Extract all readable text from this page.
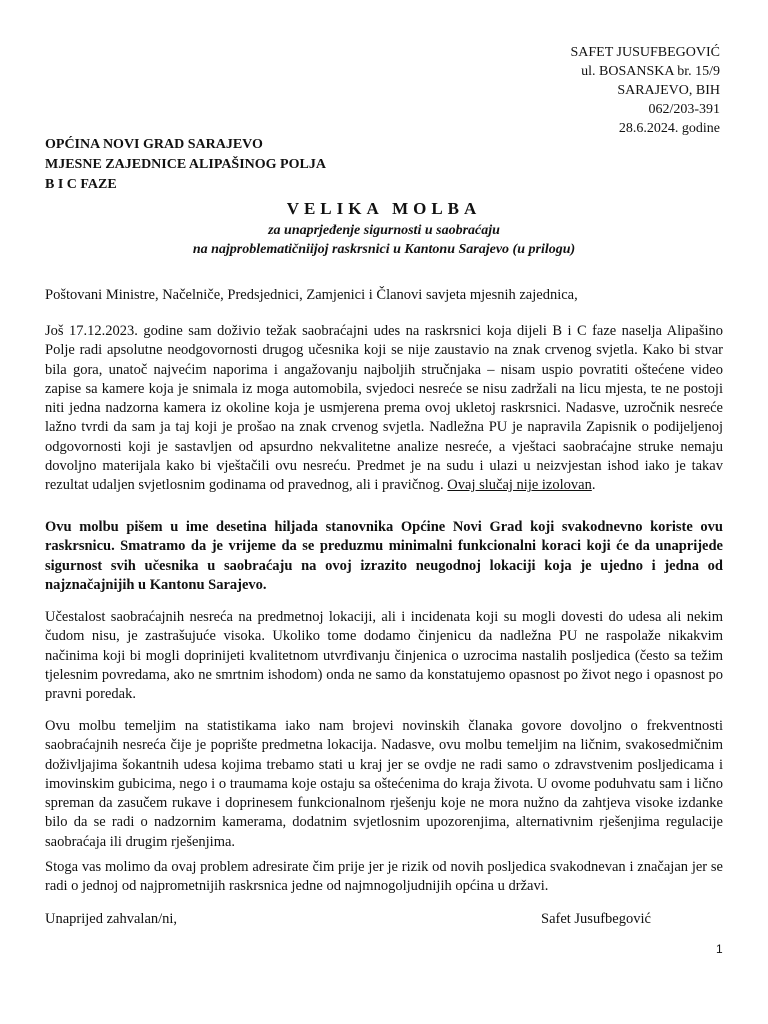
SAFET JUSUFBEGOVIĆ
ul. BOSANSKA br. 15/9
SARAJEVO, BIH
062/203-391
28.6.2024. godine
OPĆINA NOVI GRAD SARAJEVO
MJESNE ZAJEDNICE ALIPAŠINOG POLJA
B I C FAZE
VELIKA MOLBA
za unaprjeđenje sigurnosti u saobraćaju
na najproblematičniijoj raskrsnici u Kantonu Sarajevo (u prilogu)
Poštovani Ministre, Načelniče, Predsjednici, Zamjenici i Članovi savjeta mjesnih zajednica,

Još 17.12.2023. godine sam doživio težak saobraćajni udes na raskrsnici koja dijeli B i C faze naselja Alipašino Polje radi apsolutne neodgovornosti drugog učesnika koji se nije zaustavio na znak crvenog svjetla. Kako bi stvar bila gora, unatoč najvećim naporima i angažovanju najboljih stručnjaka – nisam uspio povratiti oštećene video zapise sa kamere koja je snimala iz moga automobila, svjedoci nesreće se nisu zadržali na licu mjesta, te ne postoji niti jedna nadzorna kamera iz okoline koja je usmjerena prema ovoj ukletoj raskrsnici. Nadasve, uzročnik nesreće lažno tvrdi da sam ja taj koji je prošao na znak crvenog svjetla. Nadležna PU je napravila Zapisnik o podijeljenoj odgovornosti koji je sastavljen od apsurdno nekvalitetne analize nesreće, a vještaci saobraćajne struke nemaju dovoljno materijala kako bi vještačili ovu nesreću. Predmet je na sudu i ulazi u neizvjestan ishod iako je takav rezultat udaljen svjetlosnim godinama od pravednog, ali i pravičnog. Ovaj slučaj nije izolovan.

Ovu molbu pišem u ime desetina hiljada stanovnika Općine Novi Grad koji svakodnevno koriste ovu raskrsnicu. Smatramo da je vrijeme da se preduzmu minimalni funkcionalni koraci koji će da unaprijede sigurnost svih učesnika u saobraćaju na ovoj izrazito neugodnoj lokaciji koja je ujedno i jedna od najznačajnijih u Kantonu Sarajevo.

Učestalost saobraćajnih nesreća na predmetnoj lokaciji, ali i incidenata koji su mogli dovesti do udesa ali nekim čudom nisu, je zastrašujuće visoka. Ukoliko tome dodamo činjenicu da nadležna PU ne raspolaže nikakvim načinima koji bi mogli doprinijeti kvalitetnom utvrđivanju činjenica o uzrocima nastalih posljedica (često sa težim tjelesnim povredama, ako ne smrtnim ishodom) onda ne samo da konstatujemo opasnost po život nego i opasnost po pravni poredak.

Ovu molbu temeljim na statistikama iako nam brojevi novinskih članaka govore dovoljno o frekventnosti saobraćajnih nesreća čije je poprište predmetna lokacija. Nadasve, ovu molbu temeljim na ličnim, svakosedmičnim doživljajima šokantnih udesa kojima trebamo stati u kraj jer se ovdje ne radi samo o zdravstvenim posljedicama i imovinskim gubicima, nego i o traumama koje ostaju sa oštećenima do kraja života. U ovome poduhvatu sam i lično spreman da zasučem rukave i doprinesem funkcionalnom rješenju koje ne mora nužno da zahtjeva visoke izdanke bilo da se radi o nadzornim kamerama, dodatnim svjetlosnim upozorenjima, alternativnim rješenjima regulacije saobraćaja ili drugim rješenjima.

Stoga vas molimo da ovaj problem adresirate čim prije jer je rizik od novih posljedica svakodnevan i značajan jer se radi o jednoj od najprometnijih raskrsnica jedne od najmnogoljudnijih općina u državi.

Unaprijed zahvalan/ni,	Safet Jusufbegović
1
